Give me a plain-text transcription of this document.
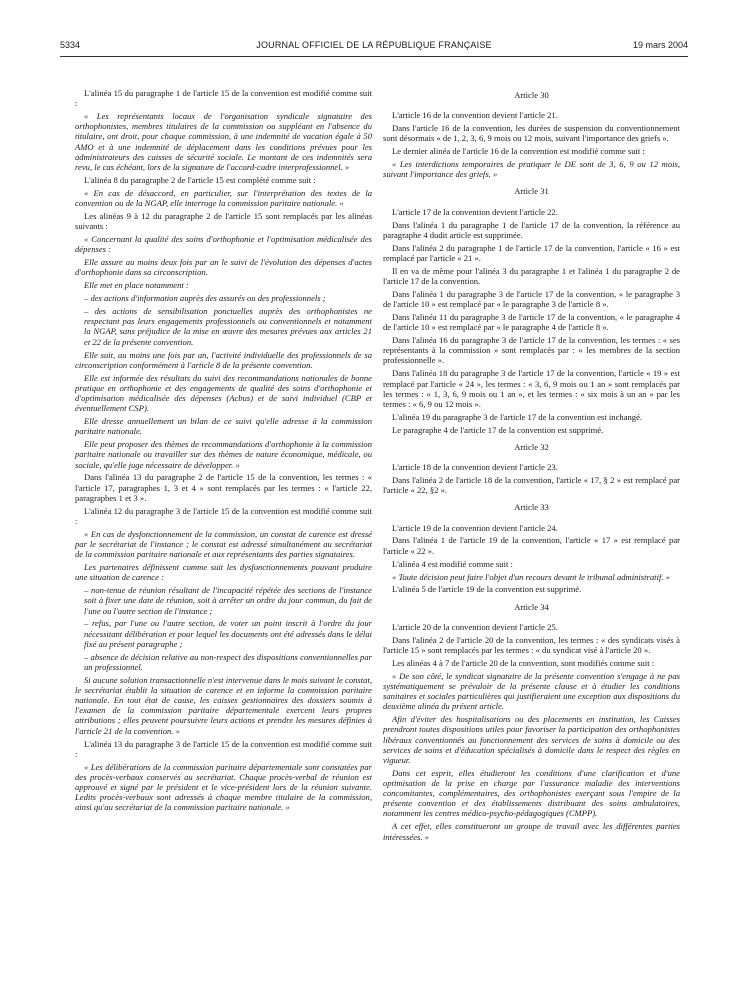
5334	JOURNAL OFFICIEL DE LA RÉPUBLIQUE FRANÇAISE	19 mars 2004

L'alinéa 15 du paragraphe 1 de l'article 15 de la convention est modifié comme suit :

« Les représentants locaux de l'organisation syndicale signataire des orthophonistes, membres titulaires de la commission ou suppléant en l'absence du titulaire, ont droit, pour chaque commission, à une indemnité de vacation égale à 50 AMO et à une indemnité de déplacement dans les conditions prévues pour les administrateurs des caisses de sécurité sociale. Le montant de ces indemnités sera revu, le cas échéant, lors de la signature de l'accord-cadre interprofessionnel. »

L'alinéa 8 du paragraphe 2 de l'article 15 est complété comme suit :

« En cas de désaccord, en particulier, sur l'interprétation des textes de la convention ou de la NGAP, elle interroge la commission paritaire nationale. »

Les alinéas 9 à 12 du paragraphe 2 de l'article 15 sont remplacés par les alinéas suivants :

« Concernant la qualité des soins d'orthophonie et l'optimisation médicalisée des dépenses :

Elle assure au moins deux fois par an le suivi de l'évolution des dépenses d'actes d'orthophonie dans sa circonscription.

Elle met en place notamment :

– des actions d'information auprès des assurés ou des professionnels ;

– des actions de sensibilisation ponctuelles auprès des orthophonistes ne respectant pas leurs engagements professionnels ou conventionnels et notamment la NGAP, sans préjudice de la mise en œuvre des mesures prévues aux articles 21 et 22 de la présente convention.

Elle suit, au moins une fois par an, l'activité individuelle des professionnels de sa circonscription conformément à l'article 8 de la présente convention.

Elle est informée des résultats du suivi des recommandations nationales de bonne pratique en orthophonie et des engagements de qualité des soins d'orthophonie et d'optimisation médicalisée des dépenses (Acbus) et de suivi individuel (CBP et éventuellement CSP).

Elle dresse annuellement un bilan de ce suivi qu'elle adresse à la commission paritaire nationale.

Elle peut proposer des thèmes de recommandations d'orthophonie à la commission paritaire nationale ou travailler sur des thèmes de nature économique, médicale, ou sociale, qu'elle juge nécessaire de développer. »

Dans l'alinéa 13 du paragraphe 2 de l'article 15 de la convention, les termes : « l'article 17, paragraphes 1, 3 et 4 » sont remplacés par les termes : « l'article 22, paragraphes 1 et 3 ».

L'alinéa 12 du paragraphe 3 de l'article 15 de la convention est modifié comme suit :

« En cas de dysfonctionnement de la commission, un constat de carence est dressé par le secrétariat de l'instance ; le constat est adressé simultanément au secrétariat de la commission paritaire nationale et aux représentants des parties signataires.

Les partenaires définissent comme suit les dysfonctionnements pouvant produire une situation de carence :

– non-tenue de réunion résultant de l'incapacité répétée des sections de l'instance soit à fixer une date de réunion, soit à arrêter un ordre du jour commun, du fait de l'une ou l'autre section de l'instance ;

– refus, par l'une ou l'autre section, de voter un point inscrit à l'ordre du jour nécessitant délibération et pour lequel les documents ont été adressés dans le délai fixé au présent paragraphe ;

– absence de décision relative au non-respect des dispositions conventionnelles par un professionnel.

Si aucune solution transactionnelle n'est intervenue dans le mois suivant le constat, le secrétariat établit la situation de carence et en informe la commission paritaire nationale. En tout état de cause, les caisses gestionnaires des dossiers soumis à l'examen de la commission paritaire départementale exercent leurs propres attributions ; elles peuvent poursuivre leurs actions et prendre les mesures définies à l'article 21 de la convention. »

L'alinéa 13 du paragraphe 3 de l'article 15 de la convention est modifié comme suit :

« Les délibérations de la commission paritaire départementale sont constatées par des procès-verbaux conservés au secrétariat. Chaque procès-verbal de réunion est approuvé et signé par le président et le vice-président lors de la réunion suivante. Ledits procès-verbaux sont adressés à chaque membre titulaire de la commission, ainsi qu'au secrétariat de la commission paritaire nationale. »

Article 30

L'article 16 de la convention devient l'article 21.

Dans l'article 16 de la convention, les durées de suspension du conventionnement sont désormais « de 1, 2, 3, 6, 9 mois ou 12 mois, suivant l'importance des griefs ».

Le dernier alinéa de l'article 16 de la convention est modifié comme suit :

« Les interdictions temporaires de pratiquer le DE sont de 3, 6, 9 ou 12 mois, suivant l'importance des griefs. »

Article 31

L'article 17 de la convention devient l'article 22.

Dans l'alinéa 1 du paragraphe 1 de l'article 17 de la convention, la référence au paragraphe 4 dudit article est supprimée.

Dans l'alinéa 2 du paragraphe 1 de l'article 17 de la convention, l'article « 16 » est remplacé par l'article « 21 ».

Il en va de même pour l'alinéa 3 du paragraphe 1 et l'alinéa 1 du paragraphe 2 de l'article 17 de la convention.

Dans l'alinéa 1 du paragraphe 3 de l'article 17 de la convention, « le paragraphe 3 de l'article 10 » est remplacé par « le paragraphe 3 de l'article 8 ».

Dans l'alinéa 11 du paragraphe 3 de l'article 17 de la convention, « le paragraphe 4 de l'article 10 » est remplacé par « le paragraphe 4 de l'article 8 ».

Dans l'alinéa 16 du paragraphe 3 de l'article 17 de la convention, les termes : « ses représentants à la commission » sont remplacés par : « les membres de la section professionnelle ».

Dans l'alinéa 18 du paragraphe 3 de l'article 17 de la convention, l'article « 19 » est remplacé par l'article « 24 », les termes : « 3, 6, 9 mois ou 1 an » sont remplacés par les termes : « 1, 3, 6, 9 mois ou 1 an », et les termes : « six mois à un an » par les termes : « 6, 9 ou 12 mois ».

L'alinéa 19 du paragraphe 3 de l'article 17 de la convention est inchangé.

Le paragraphe 4 de l'article 17 de la convention est supprimé.

Article 32

L'article 18 de la convention devient l'article 23.

Dans l'alinéa 2 de l'article 18 de la convention, l'article « 17, § 2 » est remplacé par l'article « 22, §2 ».

Article 33

L'article 19 de la convention devient l'article 24.

Dans l'alinéa 1 de l'article 19 de la convention, l'article « 17 » est remplacé par l'article « 22 ».

L'alinéa 4 est modifié comme suit :

« Toute décision peut faire l'objet d'un recours devant le tribunal administratif. »

L'alinéa 5 de l'article 19 de la convention est supprimé.

Article 34

L'article 20 de la convention devient l'article 25.

Dans l'alinéa 2 de l'article 20 de la convention, les termes : « des syndicats visés à l'article 15 » sont remplacés par les termes : « du syndicat visé à l'article 20 ».

Les alinéas 4 à 7 de l'article 20 de la convention, sont modifiés comme suit :

« De son côté, le syndicat signataire de la présente convention s'engage à ne pas systématiquement se prévaloir de la présente clause et à étudier les conditions sanitaires et sociales particulières qui justifieraient une exception aux dispositions du deuxième alinéa du présent article.

Afin d'éviter des hospitalisations ou des placements en institution, les Caisses prendront toutes dispositions utiles pour favoriser la participation des orthophonistes libéraux conventionnés au fonctionnement des services de soins à domicile ou des services de soins et d'éducation spécialisés à domicile dans le respect des règles en vigueur.

Dans cet esprit, elles étudieront les conditions d'une clarification et d'une optimisation de la prise en charge par l'assurance maladie des interventions concomitantes, complémentaires, des orthophonistes exerçant sous l'empire de la présente convention et des établissements distribuant des soins ambulatoires, notamment les centres médico-psycho-pédagogiques (CMPP).

A cet effet, elles constitueront un groupe de travail avec les différentes parties intéressées. »
